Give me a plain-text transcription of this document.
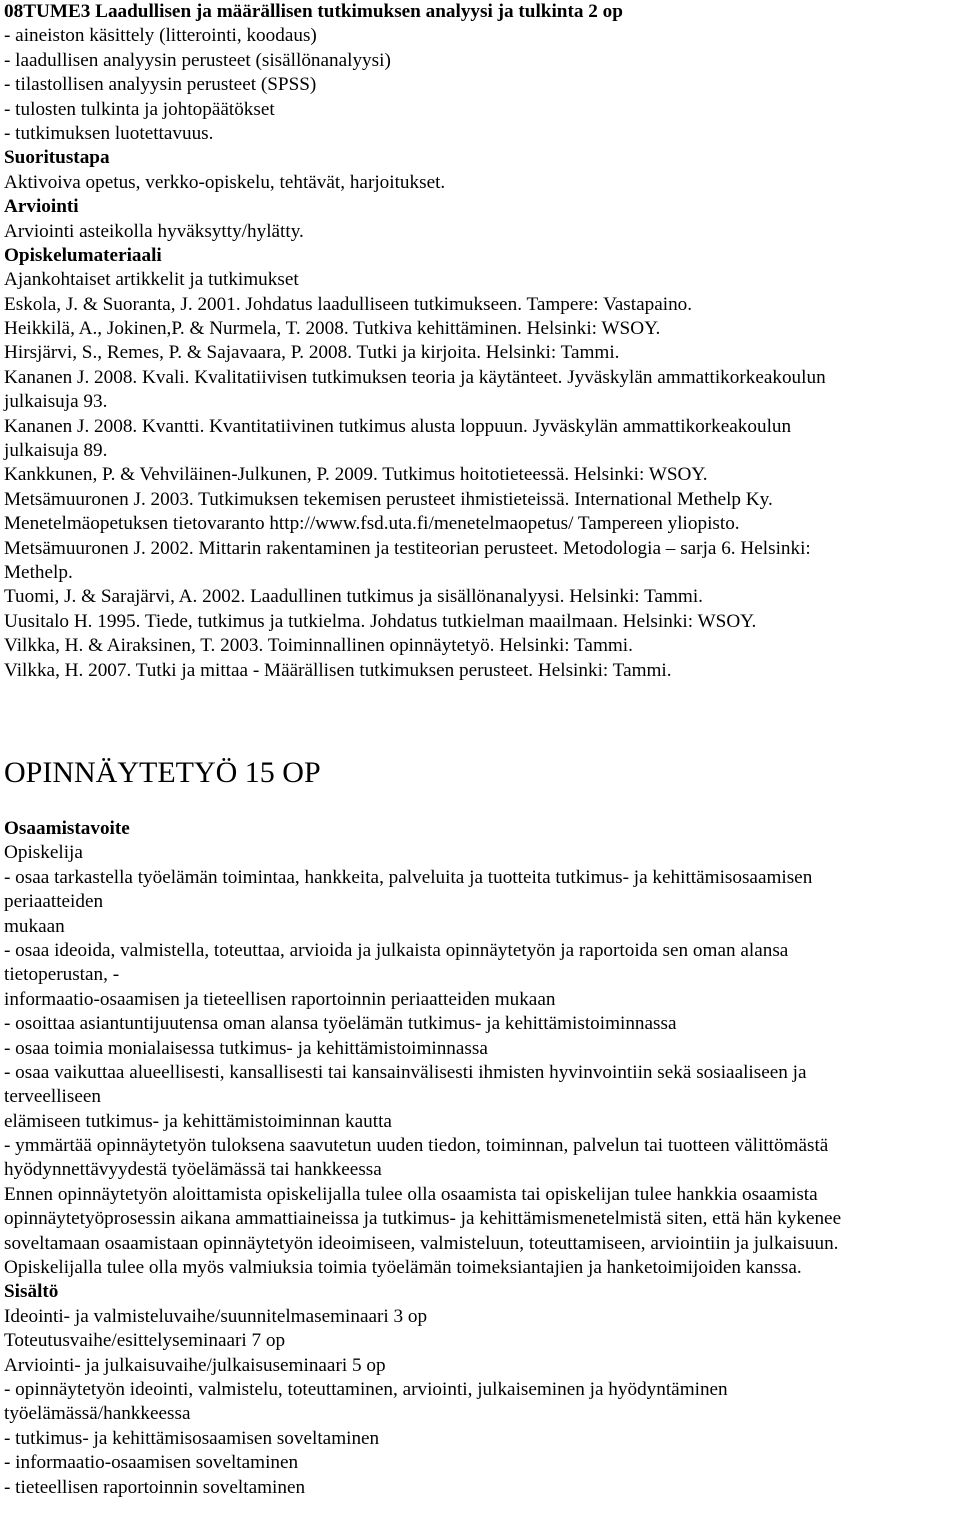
08TUME3 Laadullisen ja määrällisen tutkimuksen analyysi ja tulkinta 2 op

- aineiston käsittely (litterointi, koodaus)

- laadullisen analyysin perusteet (sisällönanalyysi)

- tilastollisen analyysin perusteet (SPSS)

- tulosten tulkinta ja johtopäätökset

- tutkimuksen luotettavuus.

Suoritustapa

Aktivoiva opetus, verkko-opiskelu, tehtävät, harjoitukset.

Arviointi

Arviointi asteikolla hyväksytty/hylätty.

Opiskelumateriaali

Ajankohtaiset artikkelit ja tutkimukset

Eskola, J. & Suoranta, J. 2001. Johdatus laadulliseen tutkimukseen. Tampere: Vastapaino.

Heikkilä, A., Jokinen,P. & Nurmela, T. 2008. Tutkiva kehittäminen. Helsinki: WSOY.

Hirsjärvi, S., Remes, P. & Sajavaara, P. 2008. Tutki ja kirjoita. Helsinki: Tammi.

Kananen J. 2008. Kvali. Kvalitatiivisen tutkimuksen teoria ja käytänteet. Jyväskylän ammattikorkeakoulun

julkaisuja 93.

Kananen J. 2008. Kvantti. Kvantitatiivinen tutkimus alusta loppuun. Jyväskylän ammattikorkeakoulun

julkaisuja 89.

Kankkunen, P. & Vehviläinen-Julkunen, P. 2009. Tutkimus hoitotieteessä. Helsinki: WSOY.

Metsämuuronen J. 2003. Tutkimuksen tekemisen perusteet ihmistieteissä. International Methelp Ky.

Menetelmäopetuksen tietovaranto http://www.fsd.uta.fi/menetelmaopetus/ Tampereen yliopisto.

Metsämuuronen J. 2002. Mittarin rakentaminen ja testiteorian perusteet. Metodologia – sarja 6. Helsinki:

Methelp.

Tuomi, J. & Sarajärvi, A. 2002. Laadullinen tutkimus ja sisällönanalyysi. Helsinki: Tammi.

Uusitalo H. 1995. Tiede, tutkimus ja tutkielma. Johdatus tutkielman maailmaan. Helsinki: WSOY.

Vilkka, H. & Airaksinen, T. 2003. Toiminnallinen opinnäytetyö. Helsinki: Tammi.

Vilkka, H. 2007. Tutki ja mittaa - Määrällisen tutkimuksen perusteet. Helsinki: Tammi.

OPINNÄYTETYÖ 15 OP

Osaamistavoite

Opiskelija

- osaa tarkastella työelämän toimintaa, hankkeita, palveluita ja tuotteita tutkimus- ja kehittämisosaamisen

periaatteiden

mukaan

- osaa ideoida, valmistella, toteuttaa, arvioida ja julkaista opinnäytetyön ja raportoida sen oman alansa

tietoperustan, -

informaatio-osaamisen ja tieteellisen raportoinnin periaatteiden mukaan

- osoittaa asiantuntijuutensa oman alansa työelämän tutkimus- ja kehittämistoiminnassa

- osaa toimia monialaisessa tutkimus- ja kehittämistoiminnassa

- osaa vaikuttaa alueellisesti, kansallisesti tai kansainvälisesti ihmisten hyvinvointiin sekä sosiaaliseen ja

terveelliseen

elämiseen tutkimus- ja kehittämistoiminnan kautta

- ymmärtää opinnäytetyön tuloksena saavutetun uuden tiedon, toiminnan, palvelun tai tuotteen välittömästä

hyödynnettävyydestä työelämässä tai hankkeessa

Ennen opinnäytetyön aloittamista opiskelijalla tulee olla osaamista tai opiskelijan tulee hankkia osaamista

opinnäytetyöprosessin aikana ammattiaineissa ja tutkimus- ja kehittämismenetelmistä siten, että hän kykenee

soveltamaan osaamistaan opinnäytetyön ideoimiseen, valmisteluun, toteuttamiseen, arviointiin ja julkaisuun.

Opiskelijalla tulee olla myös valmiuksia toimia työelämän toimeksiantajien ja hanketoimijoiden kanssa.

Sisältö

Ideointi- ja valmisteluvaihe/suunnitelmaseminaari 3 op

Toteutusvaihe/esittelyseminaari 7 op

Arviointi- ja julkaisuvaihe/julkaisuseminaari 5 op

- opinnäytetyön ideointi, valmistelu, toteuttaminen, arviointi, julkaiseminen ja hyödyntäminen

työelämässä/hankkeessa

- tutkimus- ja kehittämisosaamisen soveltaminen

- informaatio-osaamisen soveltaminen

- tieteellisen raportoinnin soveltaminen
